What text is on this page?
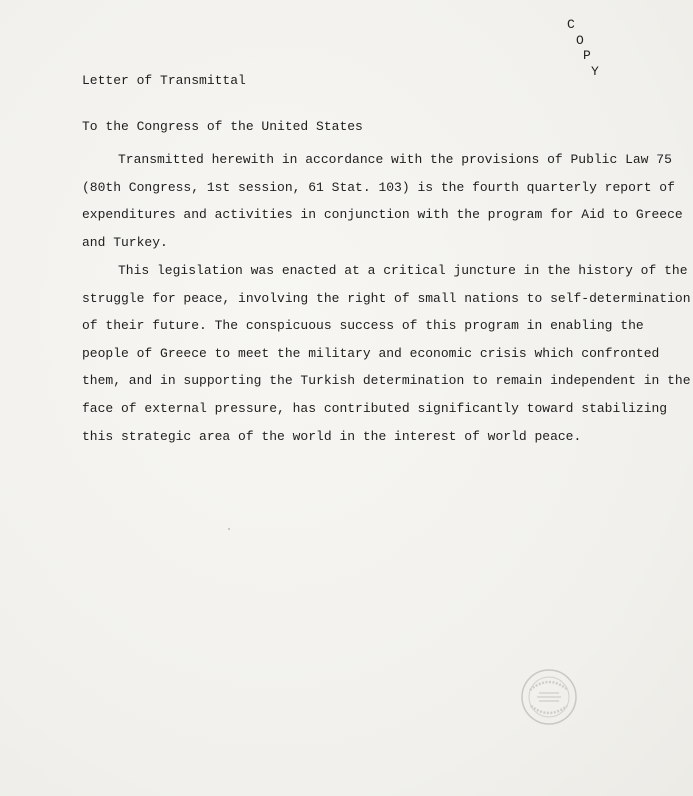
C
O
P
Y
Letter of Transmittal
To the Congress of the United States
Transmitted herewith in accordance with the provisions of Public Law 75
(80th Congress, 1st session, 61 Stat. 103) is the fourth quarterly report of
expenditures and activities in conjunction with the program for Aid to Greece
and Turkey.
This legislation was enacted at a critical juncture in the history of the
struggle for peace, involving the right of small nations to self-determination
of their future. The conspicuous success of this program in enabling the
people of Greece to meet the military and economic crisis which confronted
them, and in supporting the Turkish determination to remain independent in the
face of external pressure, has contributed significantly toward stabilizing
this strategic area of the world in the interest of world peace.
